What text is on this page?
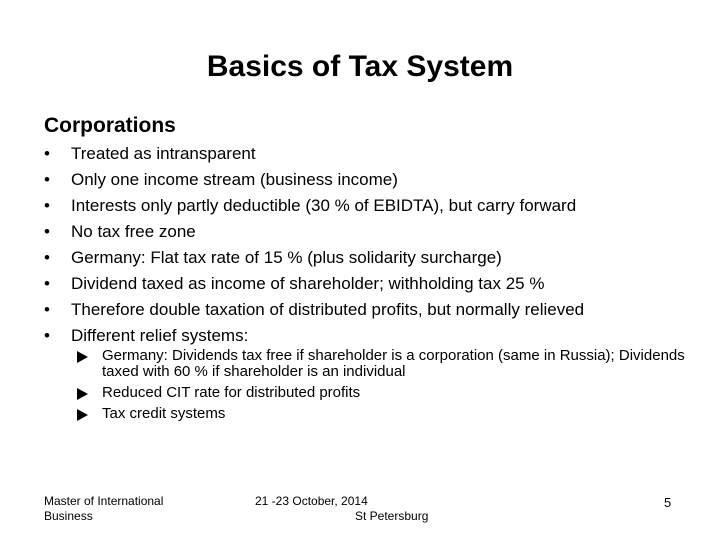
Basics of Tax System
Corporations
• Treated as intransparent
• Only one income stream (business income)
• Interests only partly deductible (30 % of EBIDTA), but carry forward
• No tax free zone
• Germany: Flat tax rate of 15 % (plus solidarity surcharge)
• Dividend taxed as income of shareholder; withholding tax 25 %
• Therefore double taxation of distributed profits, but normally relieved
• Different relief systems:
Germany: Dividends tax free if shareholder is a corporation (same in Russia); Dividends taxed with 60 % if shareholder is an individual
Reduced CIT rate for distributed profits
Tax credit systems
Master of International Business
21 -23 October, 2014
St Petersburg
5
